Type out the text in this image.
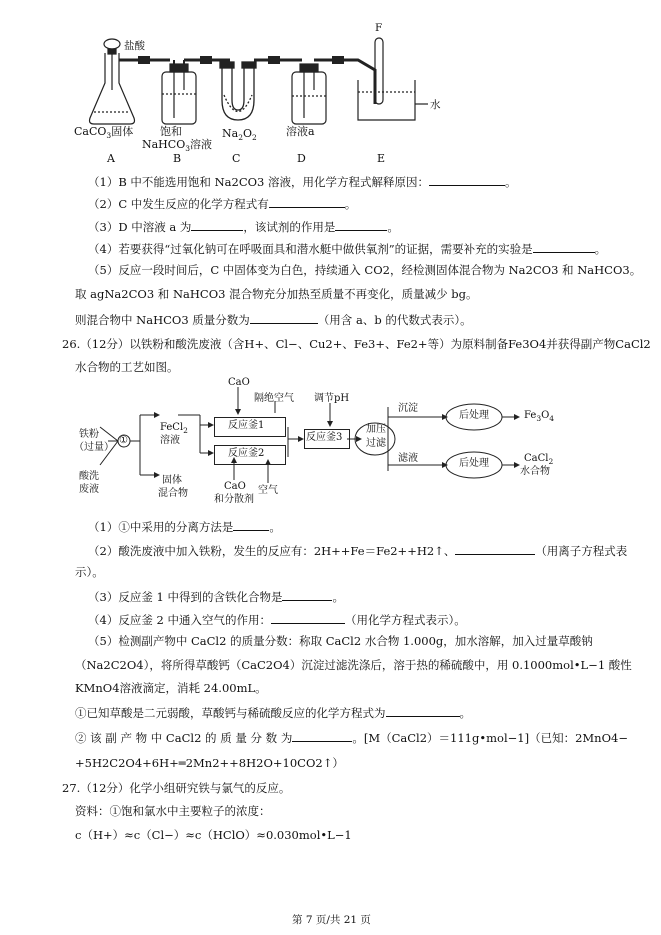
盐酸
F
水
CaCO$_3$固体 饱和
NaHCO$_3$溶液
$Na_2O_2$	溶液a
A	B	C	D	E
（1）B 中不能选用饱和 Na2CO3 溶液，用化学方程式解释原因：	。
（2）C 中发生反应的化学方程式有	。
（3）D 中溶液 a 为	，该试剂的作用是	。
（4）若要获得“过氧化钠可在呼吸面具和潜水艇中做供氧剂”的证据，需要补充的实验是	。
（5）反应一段时间后，C 中固体变为白色，持续通入 CO2，经检测固体混合物为 Na2CO3 和 NaHCO3。
取 agNa2CO3 和 NaHCO3 混合物充分加热至质量不再变化，质量减少 bg。
则混合物中 NaHCO3 质量分数为	（用含 a、b 的代数式表示）。
26.（12分）以铁粉和酸洗废液（含H+、Cl−、Cu2+、Fe3+、Fe2+等）为原料制备Fe3O4并获得副产物CaCl2
水合物的工艺如图。
铁粉
（过量）
①
酸洗
废液
FeCl$_2$
溶液
固体
混合物
CaO
隔绝空气 调节pH
反应釜1
反应釜2
反应釜3
加压
过滤
CaO
和分散剂
空气
沉淀
滤液
后处理
后处理
$Fe_3O_4$
CaCl$_2$
水合物
（1）①中采用的分离方法是	。
（2）酸洗废液中加入铁粉，发生的反应有：2H++Fe＝Fe2++H2↑、	（用离子方程式表
示）。
（3）反应釜 1 中得到的含铁化合物是	。
（4）反应釜 2 中通入空气的作用：	（用化学方程式表示）。
（5）检测副产物中 CaCl2 的质量分数：称取 CaCl2 水合物 1.000g，加水溶解，加入过量草酸钠
（Na2C2O4），将所得草酸钙（CaC2O4）沉淀过滤洗涤后，溶于热的稀硫酸中，用 0.1000mol•L−1 酸性
KMnO4溶液滴定，消耗 24.00mL。
①已知草酸是二元弱酸，草酸钙与稀硫酸反应的化学方程式为	。
② 该 副 产 物 中 CaCl2 的 质 量 分 数 为	。[M（CaCl2）＝111g•mol−1]（已知：2MnO4−
+5H2C2O4+6H+═2Mn2++8H2O+10CO2↑）
27.（12分）化学小组研究铁与氯气的反应。
资料：①饱和氯水中主要粒子的浓度：
c（H+）≈c（Cl−）≈c（HClO）≈0.030mol•L−1
第 7 页/共 21 页
